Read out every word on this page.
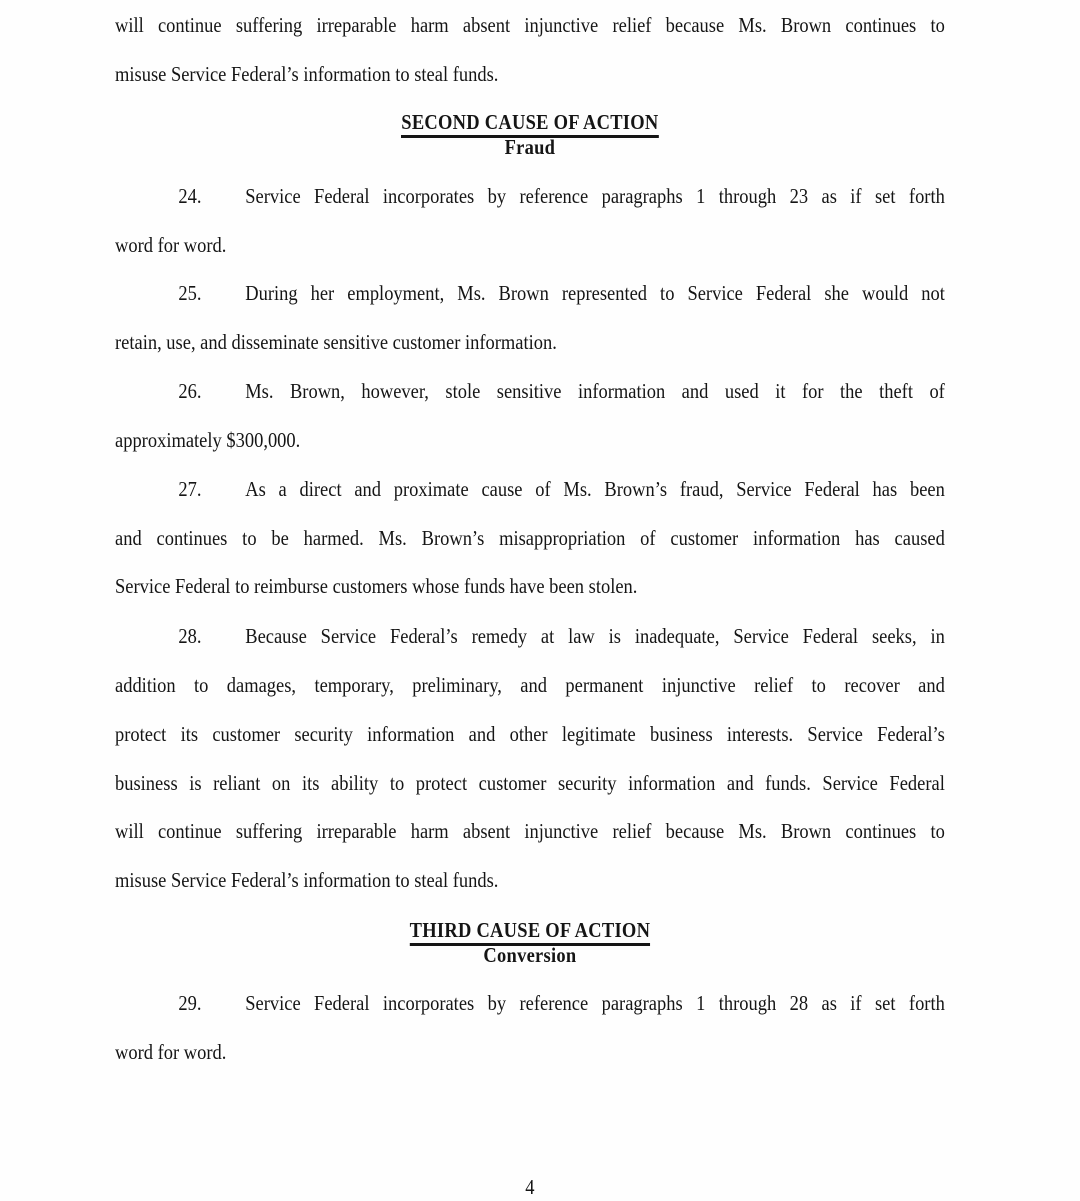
will continue suffering irreparable harm absent injunctive relief because Ms. Brown continues to
misuse Service Federal’s information to steal funds.
SECOND CAUSE OF ACTION
Fraud
24. Service Federal incorporates by reference paragraphs 1 through 23 as if set forth
word for word.
25. During her employment, Ms. Brown represented to Service Federal she would not
retain, use, and disseminate sensitive customer information.
26. Ms. Brown, however, stole sensitive information and used it for the theft of
approximately $300,000.
27. As a direct and proximate cause of Ms. Brown’s fraud, Service Federal has been
and continues to be harmed. Ms. Brown’s misappropriation of customer information has caused
Service Federal to reimburse customers whose funds have been stolen.
28. Because Service Federal’s remedy at law is inadequate, Service Federal seeks, in
addition to damages, temporary, preliminary, and permanent injunctive relief to recover and
protect its customer security information and other legitimate business interests. Service Federal’s
business is reliant on its ability to protect customer security information and funds. Service Federal
will continue suffering irreparable harm absent injunctive relief because Ms. Brown continues to
misuse Service Federal’s information to steal funds.
THIRD CAUSE OF ACTION
Conversion
29. Service Federal incorporates by reference paragraphs 1 through 28 as if set forth
word for word.
4
